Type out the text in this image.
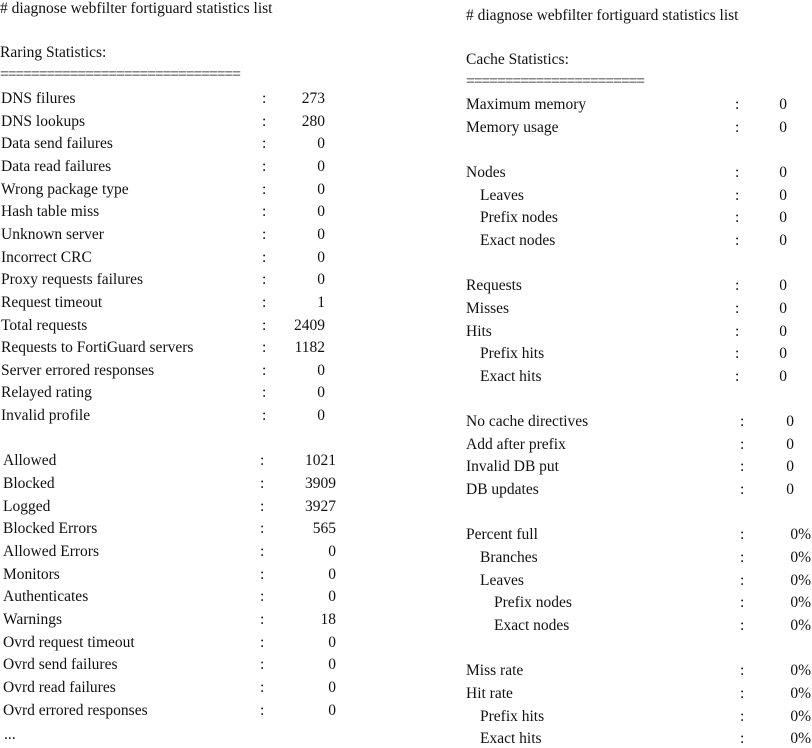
# diagnose webfilter fortiguard statistics list
Raring Statistics:
===============================
DNS filures	:	273
DNS lookups	:	280
Data send failures	:	0
Data read failures	:	0
Wrong package type	:	0
Hash table miss	:	0
Unknown server	:	0
Incorrect CRC	:	0
Proxy requests failures	:	0
Request timeout	:	1
Total requests	:	2409
Requests to FortiGuard servers	:	1182
Server errored responses	:	0
Relayed rating	:	0
Invalid profile	:	0
Allowed	:	1021
Blocked	:	3909
Logged	:	3927
Blocked Errors	:	565
Allowed Errors	:	0
Monitors	:	0
Authenticates	:	0
Warnings	:	18
Ovrd request timeout	:	0
Ovrd send failures	:	0
Ovrd read failures	:	0
Ovrd errored responses	:	0
...
# diagnose webfilter fortiguard statistics list
Cache Statistics:
=======================
Maximum memory	:	0
Memory usage	:	0
Nodes	:	0
Leaves	:	0
Prefix nodes	:	0
Exact nodes	:	0
Requests	:	0
Misses	:	0
Hits	:	0
Prefix hits	:	0
Exact hits	:	0
No cache directives	:	0
Add after prefix	:	0
Invalid DB put	:	0
DB updates	:	0
Percent full	:	0%
Branches	:	0%
Leaves	:	0%
Prefix nodes	:	0%
Exact nodes	:	0%
Miss rate	:	0%
Hit rate	:	0%
Prefix hits	:	0%
Exact hits	:	0%
